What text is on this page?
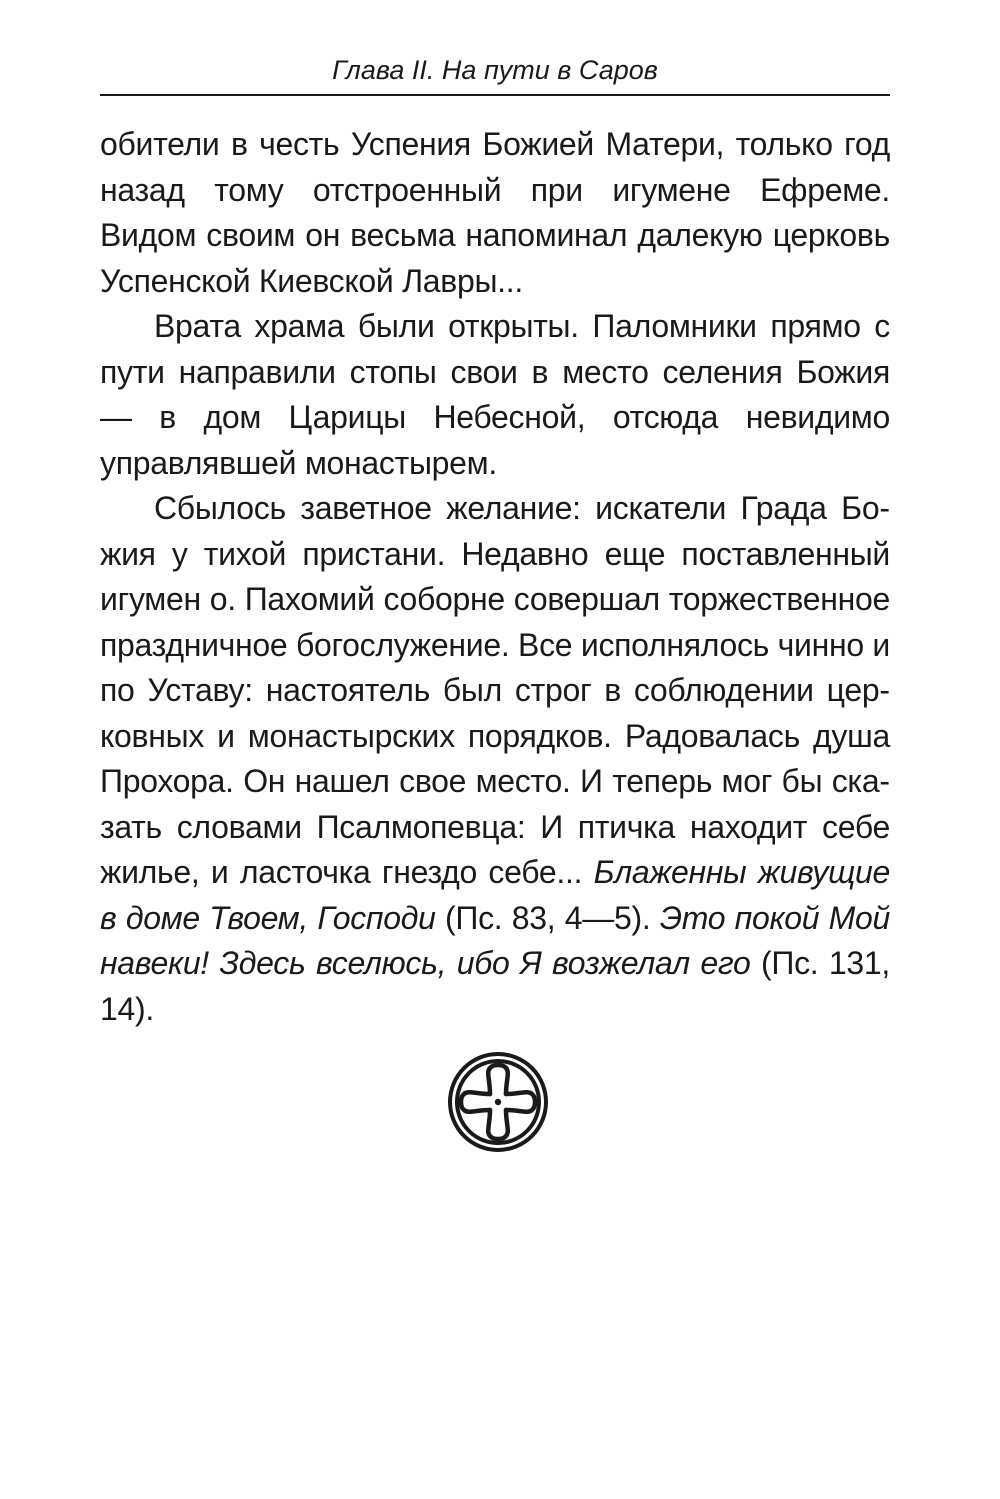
Глава II. На пути в Саров

обители в честь Успения Божией Матери, только год назад тому отстроенный при игумене Ефреме. Видом своим он весьма напоминал далекую церковь Успенской Киевской Лавры...

Врата храма были открыты. Паломники прямо с пути направили стопы свои в место селения Божия — в дом Царицы Небесной, отсюда невидимо управлявшей монастырем.

Сбылось заветное желание: искатели Града Божия у тихой пристани. Недавно еще поставленный игумен о. Пахомий соборне совершал торжественное праздничное богослужение. Все исполнялось чинно и по Уставу: настоятель был строг в соблюдении церковных и монастырских порядков. Радовалась душа Прохора. Он нашел свое место. И теперь мог бы сказать словами Псалмопевца: И птичка находит себе жилье, и ласточка гнездо себе... Блаженны живущие в доме Твоем, Господи (Пс. 83, 4—5). Это покой Мой навеки! Здесь вселюсь, ибо Я возжелал его (Пс. 131, 14).
